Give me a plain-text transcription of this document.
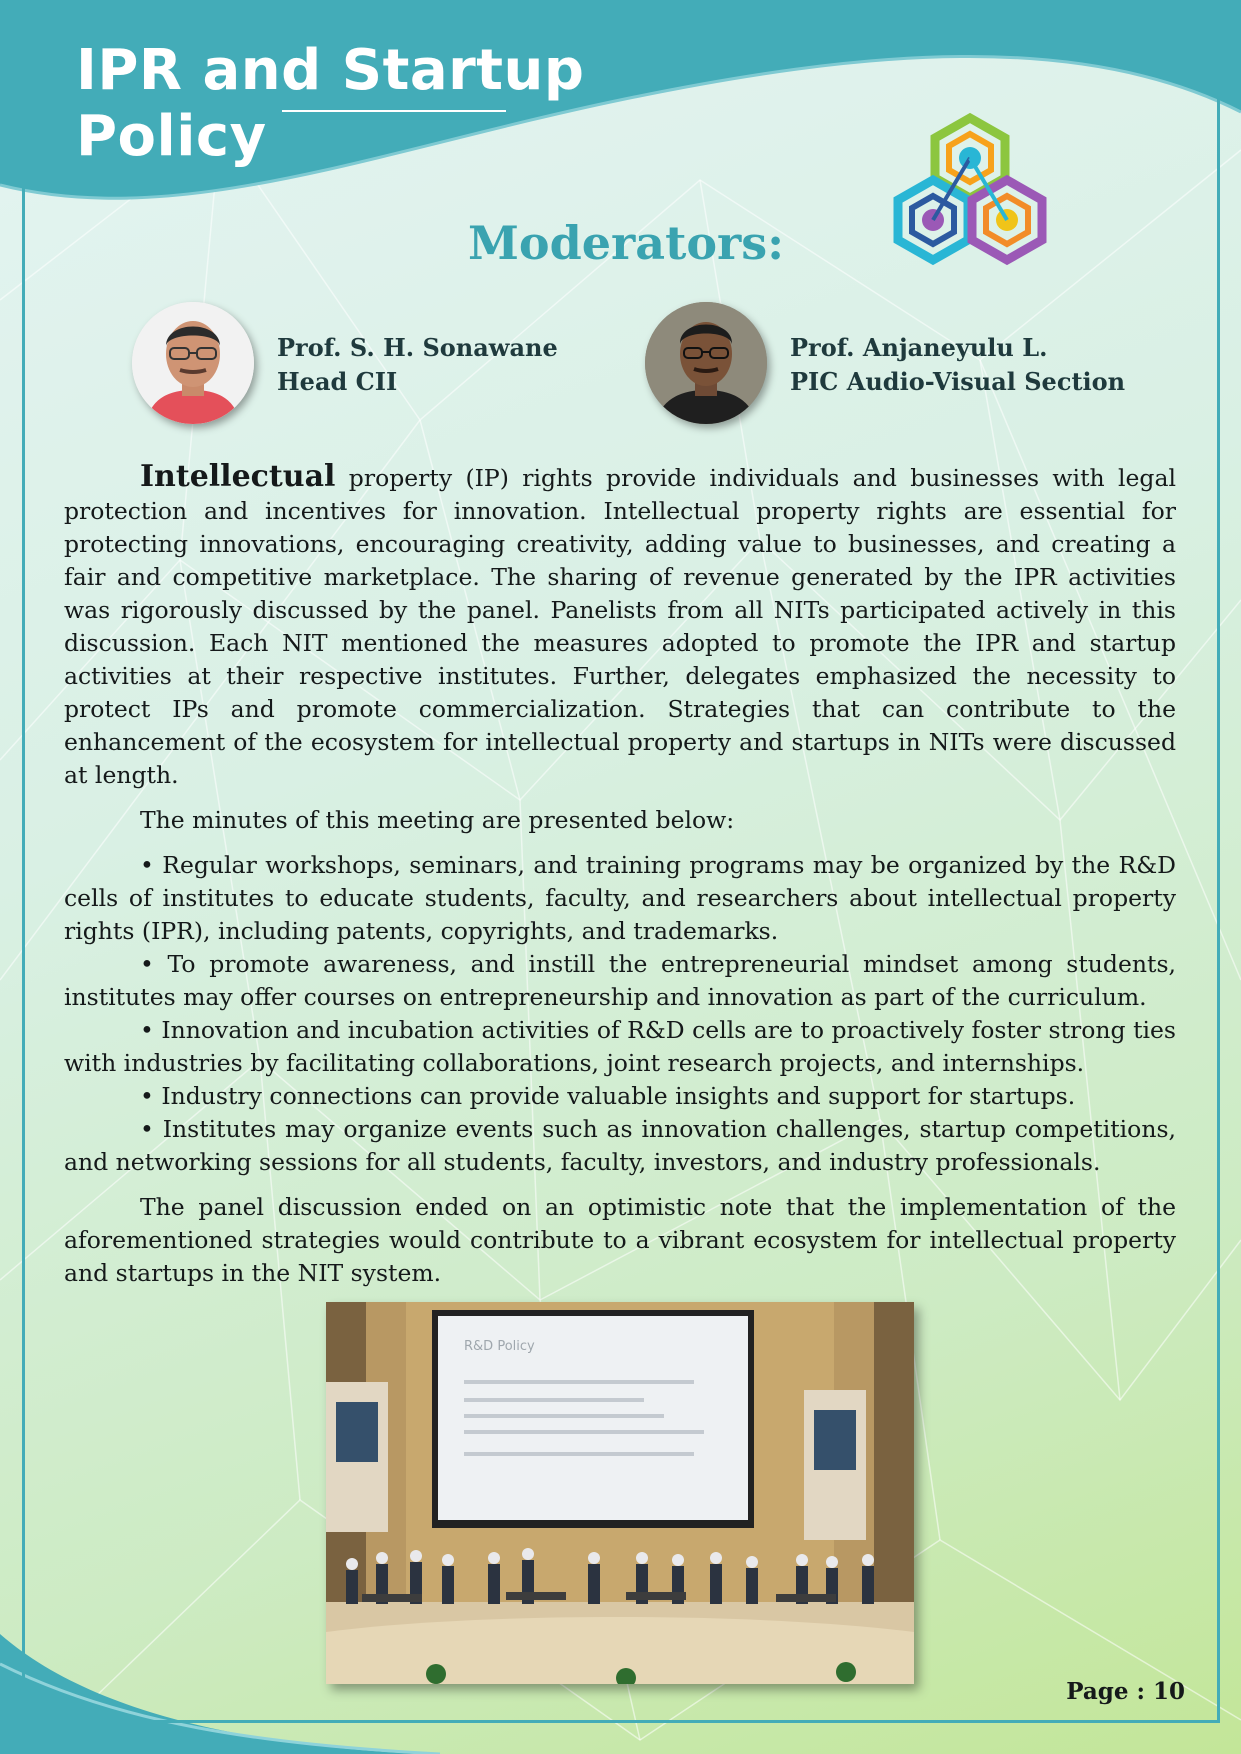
IPR and Startup
Policy
Moderators:
Prof. S. H. Sonawane
Head CII
Prof. Anjaneyulu L.
PIC Audio-Visual Section

Intellectual property (IP) rights provide individuals and businesses with legal protection and incentives for innovation. Intellectual property rights are essential for protecting innovations, encouraging creativity, adding value to businesses, and creating a fair and competitive marketplace. The sharing of revenue generated by the IPR activities was rigorously discussed by the panel. Panelists from all NITs participated actively in this discussion. Each NIT mentioned the measures adopted to promote the IPR and startup activities at their respective institutes. Further, delegates emphasized the necessity to protect IPs and promote commercialization. Strategies that can contribute to the enhancement of the ecosystem for intellectual property and startups in NITs were discussed at length.

The minutes of this meeting are presented below:

• Regular workshops, seminars, and training programs may be organized by the R&D cells of institutes to educate students, faculty, and researchers about intellectual property rights (IPR), including patents, copyrights, and trademarks.

• To promote awareness, and instill the entrepreneurial mindset among students, institutes may offer courses on entrepreneurship and innovation as part of the curriculum.

• Innovation and incubation activities of R&D cells are to proactively foster strong ties with industries by facilitating collaborations, joint research projects, and internships.

• Industry connections can provide valuable insights and support for startups.

• Institutes may organize events such as innovation challenges, startup competitions, and networking sessions for all students, faculty, investors, and industry professionals.

The panel discussion ended on an optimistic note that the implementation of the aforementioned strategies would contribute to a vibrant ecosystem for intellectual property and startups in the NIT system.

R&D Policy
Page : 10
